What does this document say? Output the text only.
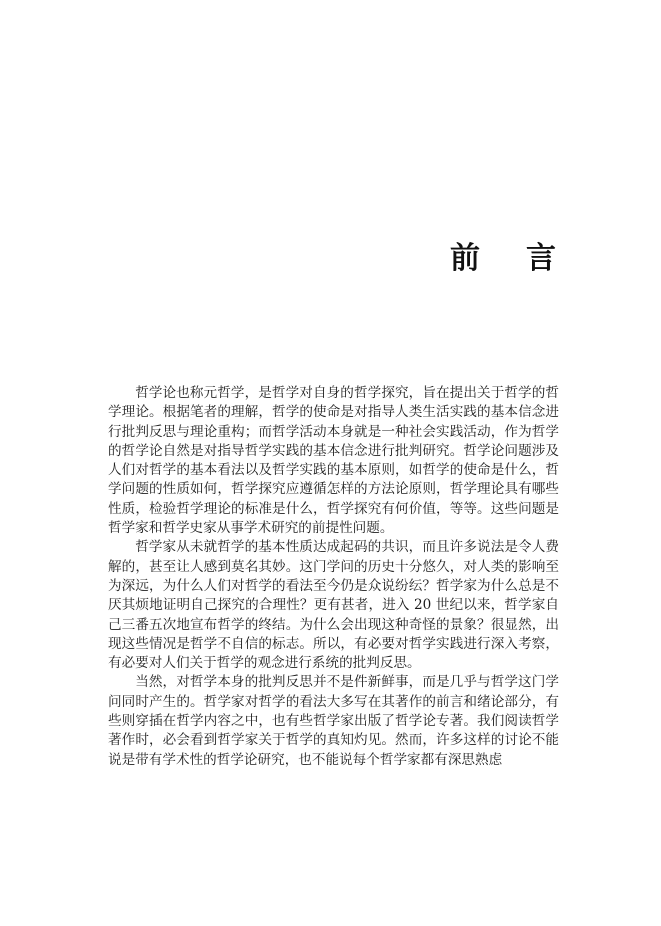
前言

哲学论也称元哲学，是哲学对自身的哲学探究，旨在提出关于哲学的哲学理论。根据笔者的理解，哲学的使命是对指导人类生活实践的基本信念进行批判反思与理论重构；而哲学活动本身就是一种社会实践活动，作为哲学的哲学论自然是对指导哲学实践的基本信念进行批判研究。哲学论问题涉及人们对哲学的基本看法以及哲学实践的基本原则，如哲学的使命是什么，哲学问题的性质如何，哲学探究应遵循怎样的方法论原则，哲学理论具有哪些性质，检验哲学理论的标准是什么，哲学探究有何价值，等等。这些问题是哲学家和哲学史家从事学术研究的前提性问题。

哲学家从未就哲学的基本性质达成起码的共识，而且许多说法是令人费解的，甚至让人感到莫名其妙。这门学问的历史十分悠久，对人类的影响至为深远，为什么人们对哲学的看法至今仍是众说纷纭？哲学家为什么总是不厌其烦地证明自己探究的合理性？更有甚者，进入 20 世纪以来，哲学家自己三番五次地宣布哲学的终结。为什么会出现这种奇怪的景象？很显然，出现这些情况是哲学不自信的标志。所以，有必要对哲学实践进行深入考察，有必要对人们关于哲学的观念进行系统的批判反思。

当然，对哲学本身的批判反思并不是件新鲜事，而是几乎与哲学这门学问同时产生的。哲学家对哲学的看法大多写在其著作的前言和绪论部分，有些则穿插在哲学内容之中，也有些哲学家出版了哲学论专著。我们阅读哲学著作时，必会看到哲学家关于哲学的真知灼见。然而，许多这样的讨论不能说是带有学术性的哲学论研究，也不能说每个哲学家都有深思熟虑
